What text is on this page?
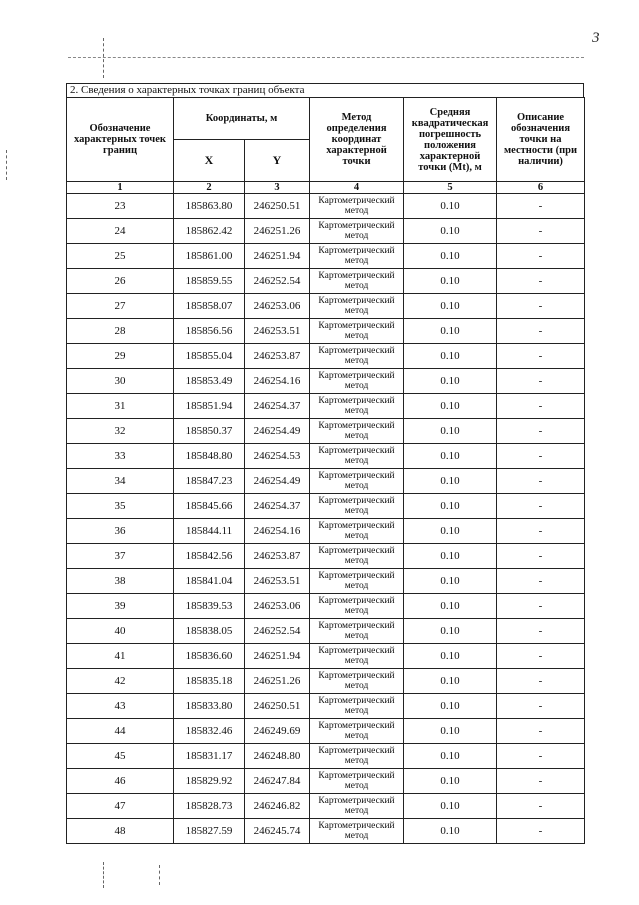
3
2. Сведения о характерных точках границ объекта
Обозначение характерных точек границ	Координаты, м		Метод определения координат характерной точки	Средняя квадратическая погрешность положения характерной точки (Mt), м	Описание обозначения точки на местности (при наличии)
	X	Y			
1	2	3	4	5	6
23	185863.80	246250.51	Картометрический метод	0.10	-
24	185862.42	246251.26	Картометрический метод	0.10	-
25	185861.00	246251.94	Картометрический метод	0.10	-
26	185859.55	246252.54	Картометрический метод	0.10	-
27	185858.07	246253.06	Картометрический метод	0.10	-
28	185856.56	246253.51	Картометрический метод	0.10	-
29	185855.04	246253.87	Картометрический метод	0.10	-
30	185853.49	246254.16	Картометрический метод	0.10	-
31	185851.94	246254.37	Картометрический метод	0.10	-
32	185850.37	246254.49	Картометрический метод	0.10	-
33	185848.80	246254.53	Картометрический метод	0.10	-
34	185847.23	246254.49	Картометрический метод	0.10	-
35	185845.66	246254.37	Картометрический метод	0.10	-
36	185844.11	246254.16	Картометрический метод	0.10	-
37	185842.56	246253.87	Картометрический метод	0.10	-
38	185841.04	246253.51	Картометрический метод	0.10	-
39	185839.53	246253.06	Картометрический метод	0.10	-
40	185838.05	246252.54	Картометрический метод	0.10	-
41	185836.60	246251.94	Картометрический метод	0.10	-
42	185835.18	246251.26	Картометрический метод	0.10	-
43	185833.80	246250.51	Картометрический метод	0.10	-
44	185832.46	246249.69	Картометрический метод	0.10	-
45	185831.17	246248.80	Картометрический метод	0.10	-
46	185829.92	246247.84	Картометрический метод	0.10	-
47	185828.73	246246.82	Картометрический метод	0.10	-
48	185827.59	246245.74	Картометрический метод	0.10	-
